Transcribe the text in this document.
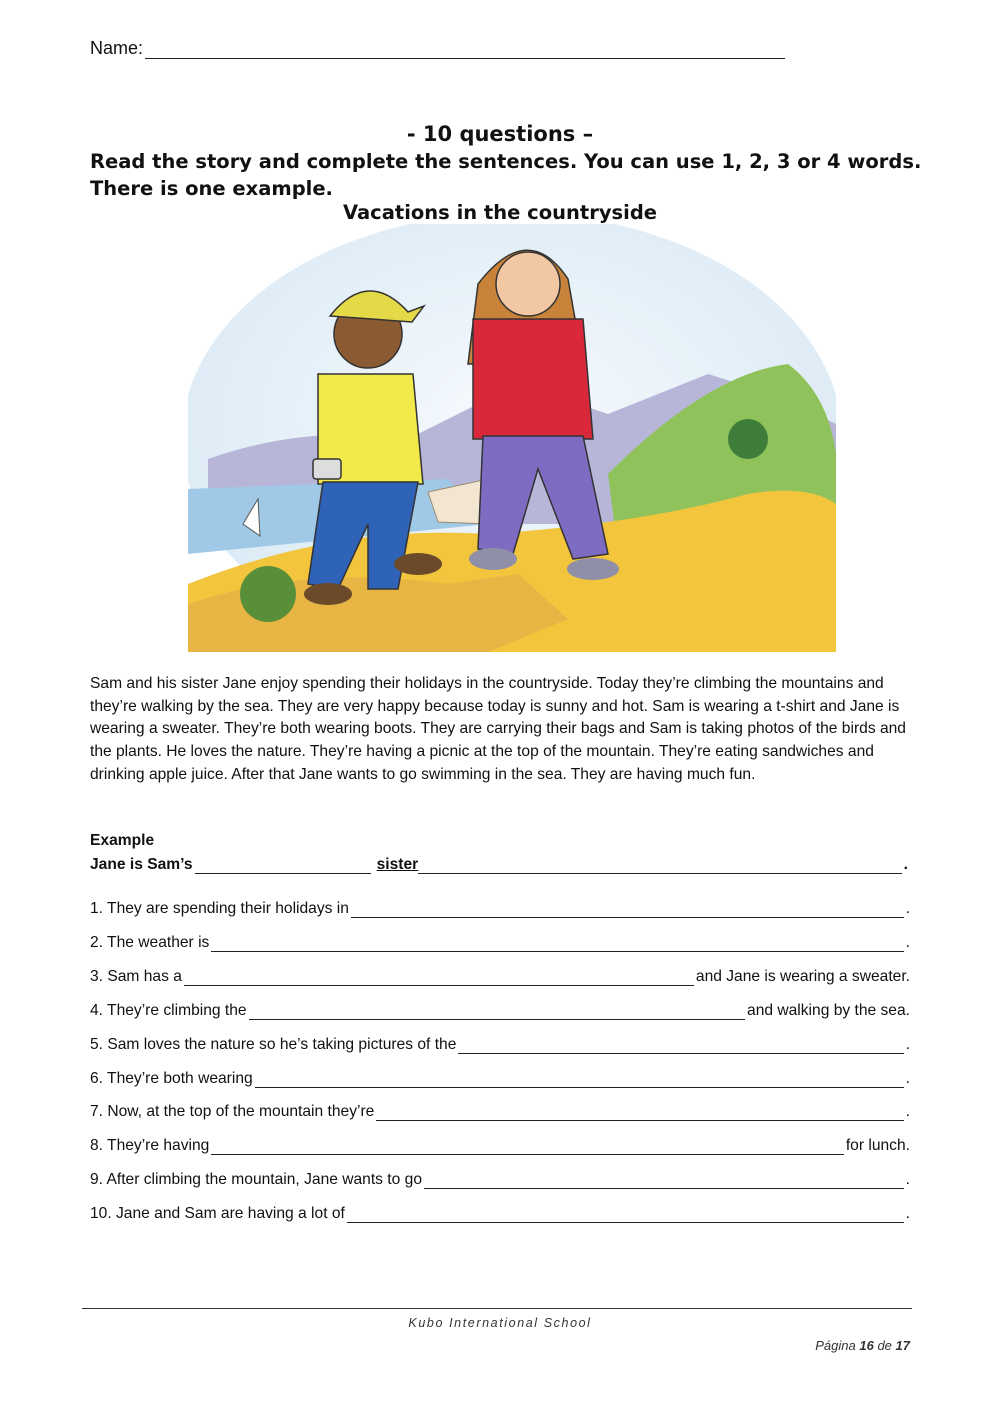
Name:
- 10 questions –
Read the story and complete the sentences. You can use 1, 2, 3 or 4 words. There is one example.
Vacations in the countryside
Sam and his sister Jane enjoy spending their holidays in the countryside. Today they’re climbing the mountains and they’re walking by the sea. They are very happy because today is sunny and hot. Sam is wearing a t-shirt and Jane is wearing a sweater. They’re both wearing boots. They are carrying their bags and Sam is taking photos of the birds and the plants. He loves the nature. They’re having a picnic at the top of the mountain. They’re eating sandwiches and drinking apple juice. After that Jane wants to go swimming in the sea. They are having much fun.
Example
Jane is Sam’s	sister	.
1. They are spending their holidays in	.
2. The weather is	.
3. Sam has a	and Jane is wearing a sweater.
4. They’re climbing the	and walking by the sea.
5. Sam loves the nature so he’s taking pictures of the	.
6. They’re both wearing	.
7. Now, at the top of the mountain they’re	.
8. They’re having	for lunch.
9. After climbing the mountain, Jane wants to go	.
10. Jane and Sam are having a lot of	.
Kubo International School
Página 16 de 17
